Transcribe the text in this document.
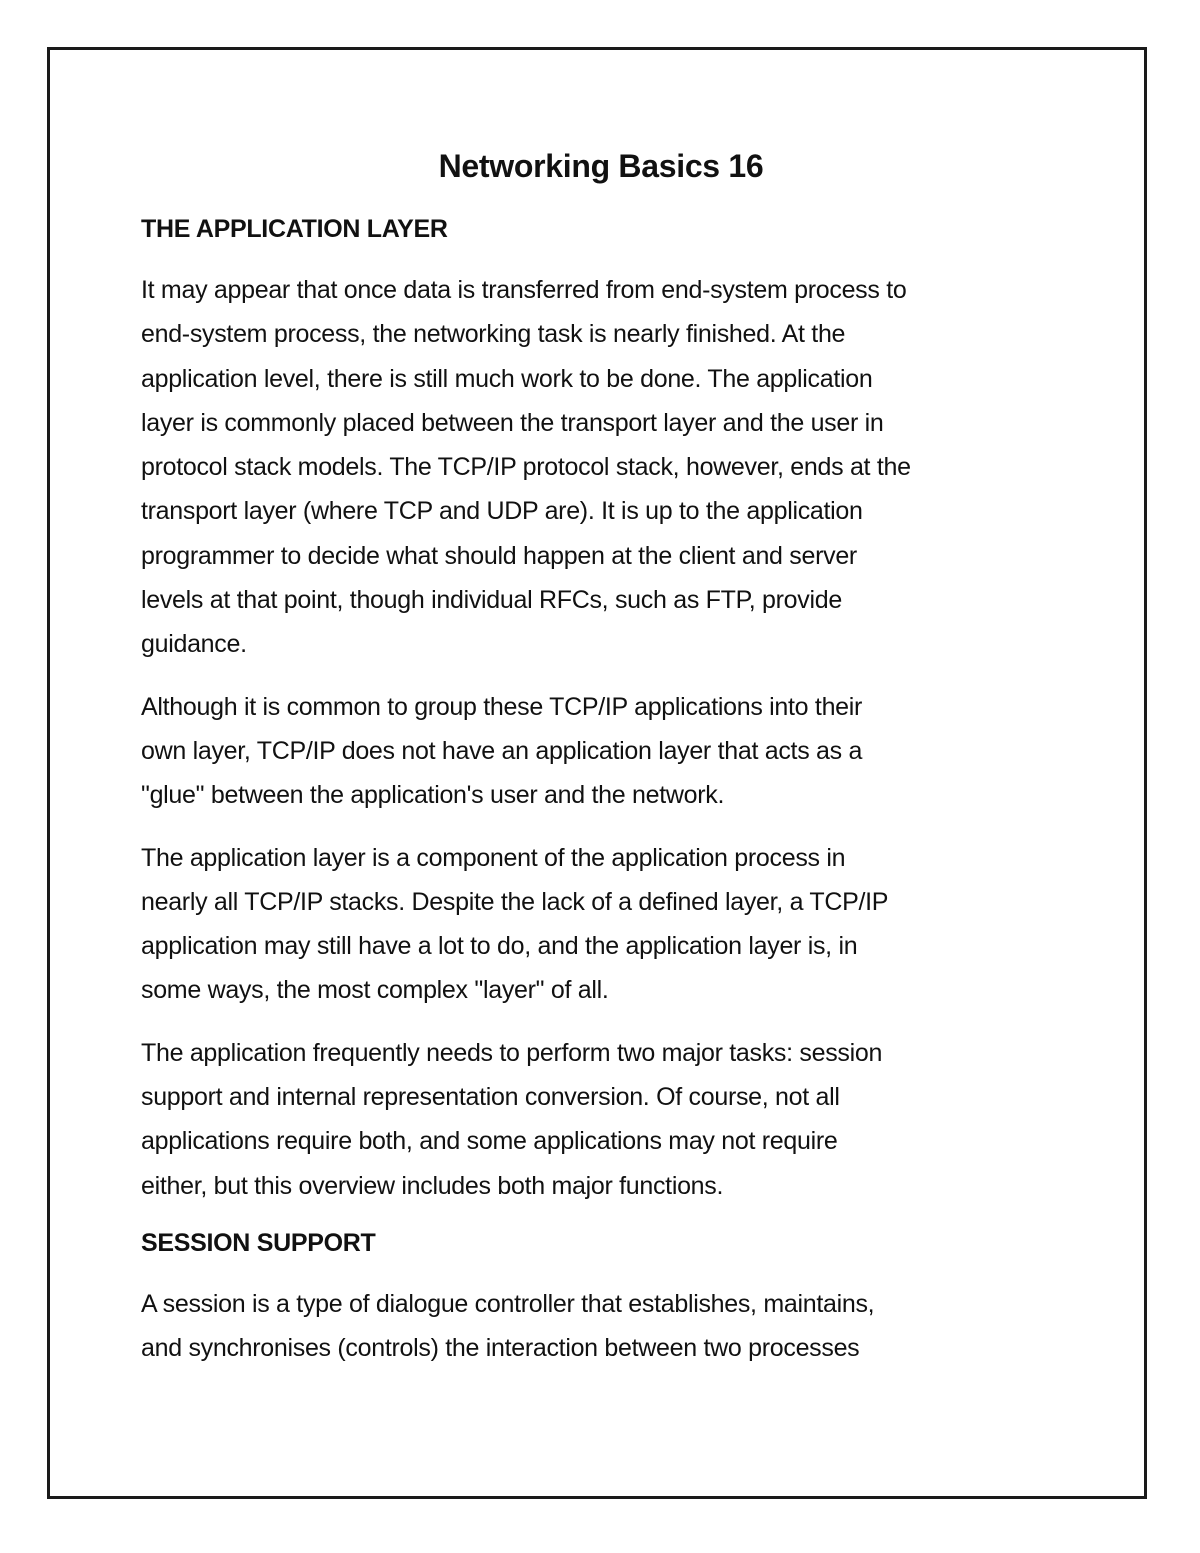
Networking Basics 16
THE APPLICATION LAYER

It may appear that once data is transferred from end-system process to
end-system process, the networking task is nearly finished. At the
application level, there is still much work to be done. The application
layer is commonly placed between the transport layer and the user in
protocol stack models. The TCP/IP protocol stack, however, ends at the
transport layer (where TCP and UDP are). It is up to the application
programmer to decide what should happen at the client and server
levels at that point, though individual RFCs, such as FTP, provide
guidance.

Although it is common to group these TCP/IP applications into their
own layer, TCP/IP does not have an application layer that acts as a
"glue" between the application's user and the network.

The application layer is a component of the application process in
nearly all TCP/IP stacks. Despite the lack of a defined layer, a TCP/IP
application may still have a lot to do, and the application layer is, in
some ways, the most complex "layer" of all.

The application frequently needs to perform two major tasks: session
support and internal representation conversion. Of course, not all
applications require both, and some applications may not require
either, but this overview includes both major functions.

SESSION SUPPORT

A session is a type of dialogue controller that establishes, maintains,
and synchronises (controls) the interaction between two processes
